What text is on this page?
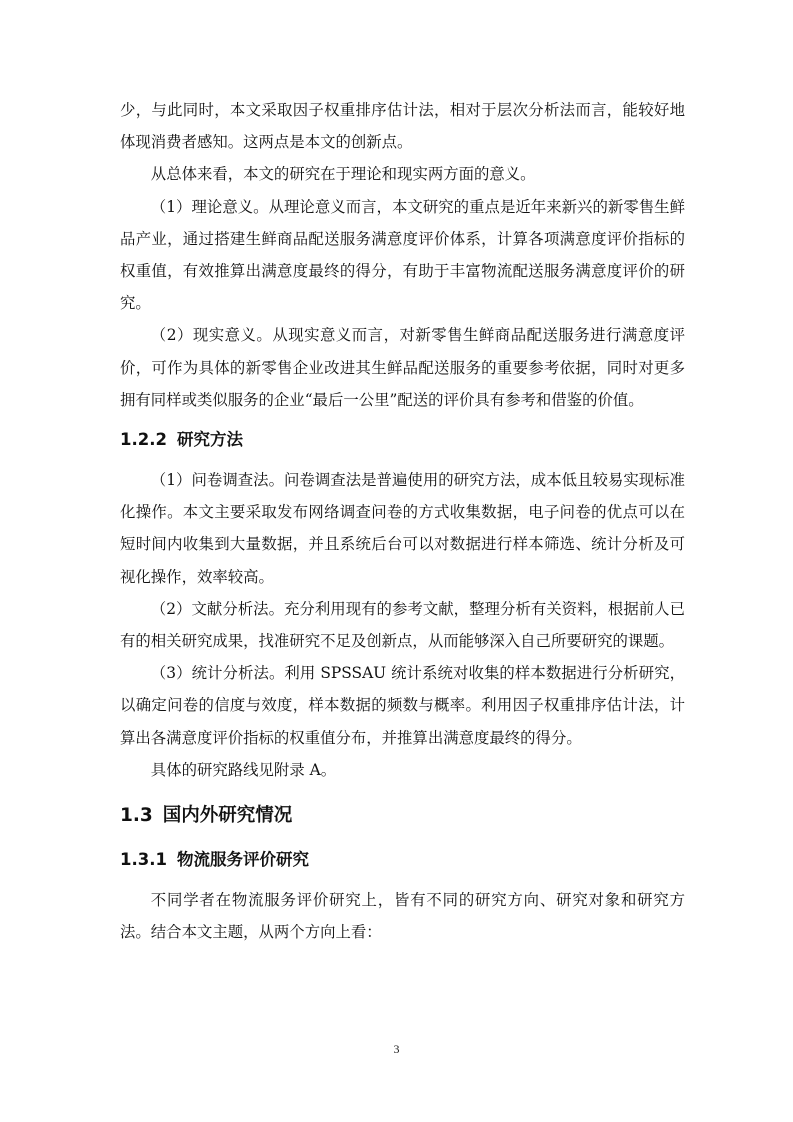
少，与此同时，本文采取因子权重排序估计法，相对于层次分析法而言，能较好地体现消费者感知。这两点是本文的创新点。

从总体来看，本文的研究在于理论和现实两方面的意义。

（1）理论意义。从理论意义而言，本文研究的重点是近年来新兴的新零售生鲜品产业，通过搭建生鲜商品配送服务满意度评价体系，计算各项满意度评价指标的权重值，有效推算出满意度最终的得分，有助于丰富物流配送服务满意度评价的研究。

（2）现实意义。从现实意义而言，对新零售生鲜商品配送服务进行满意度评价，可作为具体的新零售企业改进其生鲜品配送服务的重要参考依据，同时对更多拥有同样或类似服务的企业“最后一公里”配送的评价具有参考和借鉴的价值。

1.2.2 研究方法

（1）问卷调查法。问卷调查法是普遍使用的研究方法，成本低且较易实现标准化操作。本文主要采取发布网络调查问卷的方式收集数据，电子问卷的优点可以在短时间内收集到大量数据，并且系统后台可以对数据进行样本筛选、统计分析及可视化操作，效率较高。

（2）文献分析法。充分利用现有的参考文献，整理分析有关资料，根据前人已有的相关研究成果，找准研究不足及创新点，从而能够深入自己所要研究的课题。

（3）统计分析法。利用 SPSSAU 统计系统对收集的样本数据进行分析研究，以确定问卷的信度与效度，样本数据的频数与概率。利用因子权重排序估计法，计算出各满意度评价指标的权重值分布，并推算出满意度最终的得分。

具体的研究路线见附录 A。

1.3 国内外研究情况
1.3.1 物流服务评价研究

不同学者在物流服务评价研究上，皆有不同的研究方向、研究对象和研究方法。结合本文主题，从两个方向上看：

3
